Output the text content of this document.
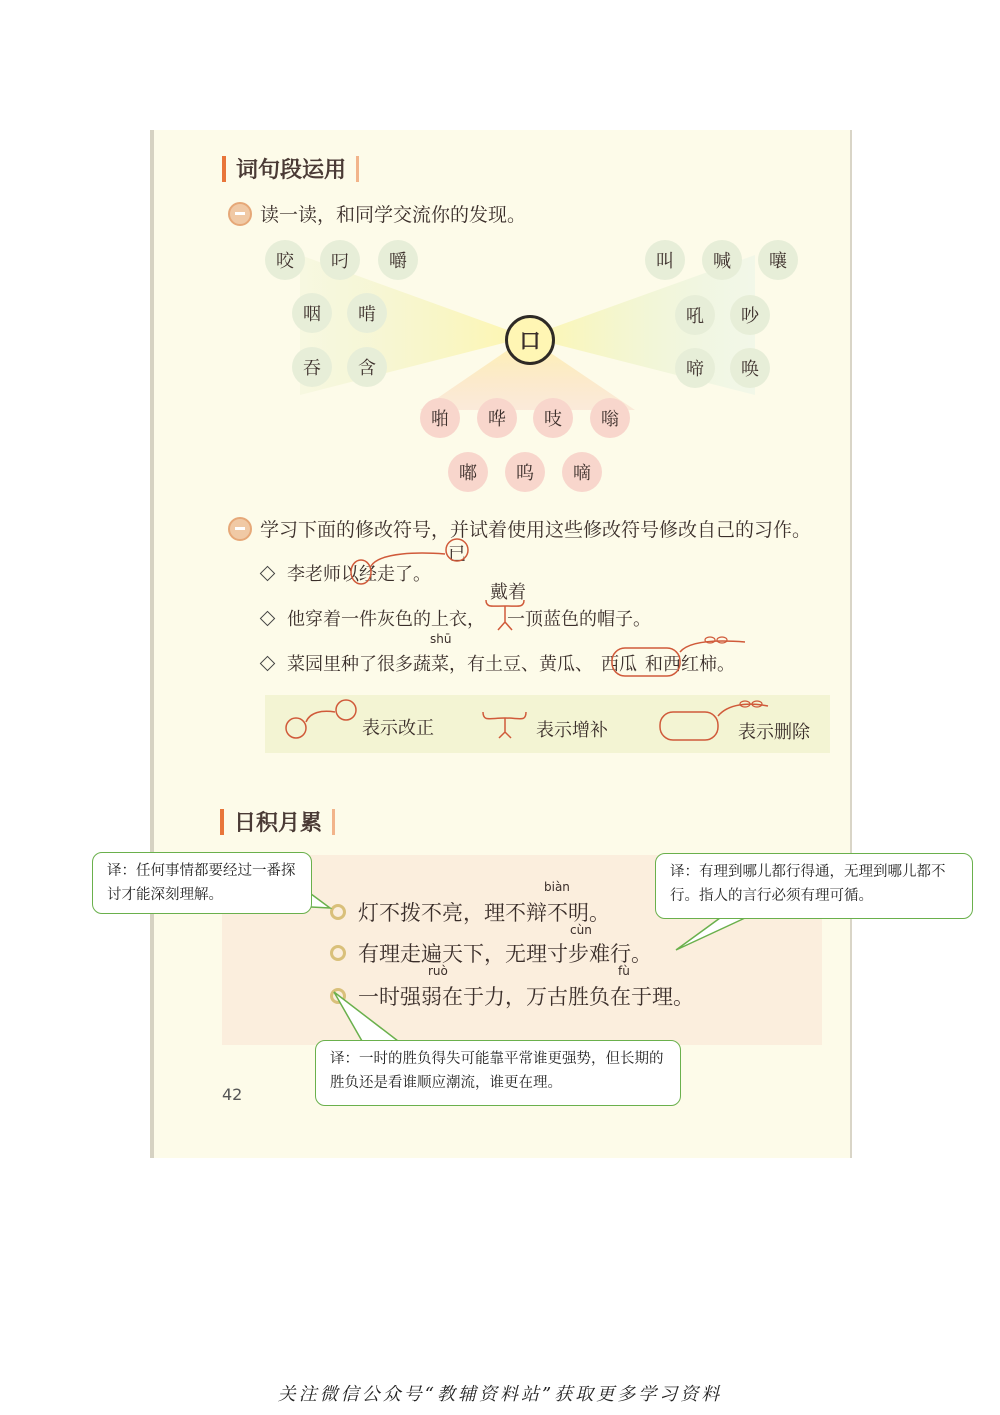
词句段运用
读一读，和同学交流你的发现。
口
咬	叼	嚼
咽	啃
吞	含
叫	喊	嚷
吼	吵
啼	唤
啪	哗	吱	嗡
嘟	呜	嘀
学习下面的修改符号，并试着使用这些修改符号修改自己的习作。
李老师以经走了。
已
他穿着一件灰色的上衣， 一顶蓝色的帽子。
戴着
shū
菜园里种了很多蔬菜，有土豆、黄瓜、 西瓜 和西红柿。
表示改正	表示增补	表示删除
日积月累
biàn
灯不拨不亮，理不辩不明。
cùn
有理走遍天下，无理寸步难行。
ruò	fù
一时强弱在于力，万古胜负在于理。
译：任何事情都要经过一番探讨才能深刻理解。
译：有理到哪儿都行得通，无理到哪儿都不行。指人的言行必须有理可循。
译：一时的胜负得失可能靠平常谁更强势，但长期的胜负还是看谁顺应潮流，谁更在理。
42
关注微信公众号“教辅资料站”获取更多学习资料
